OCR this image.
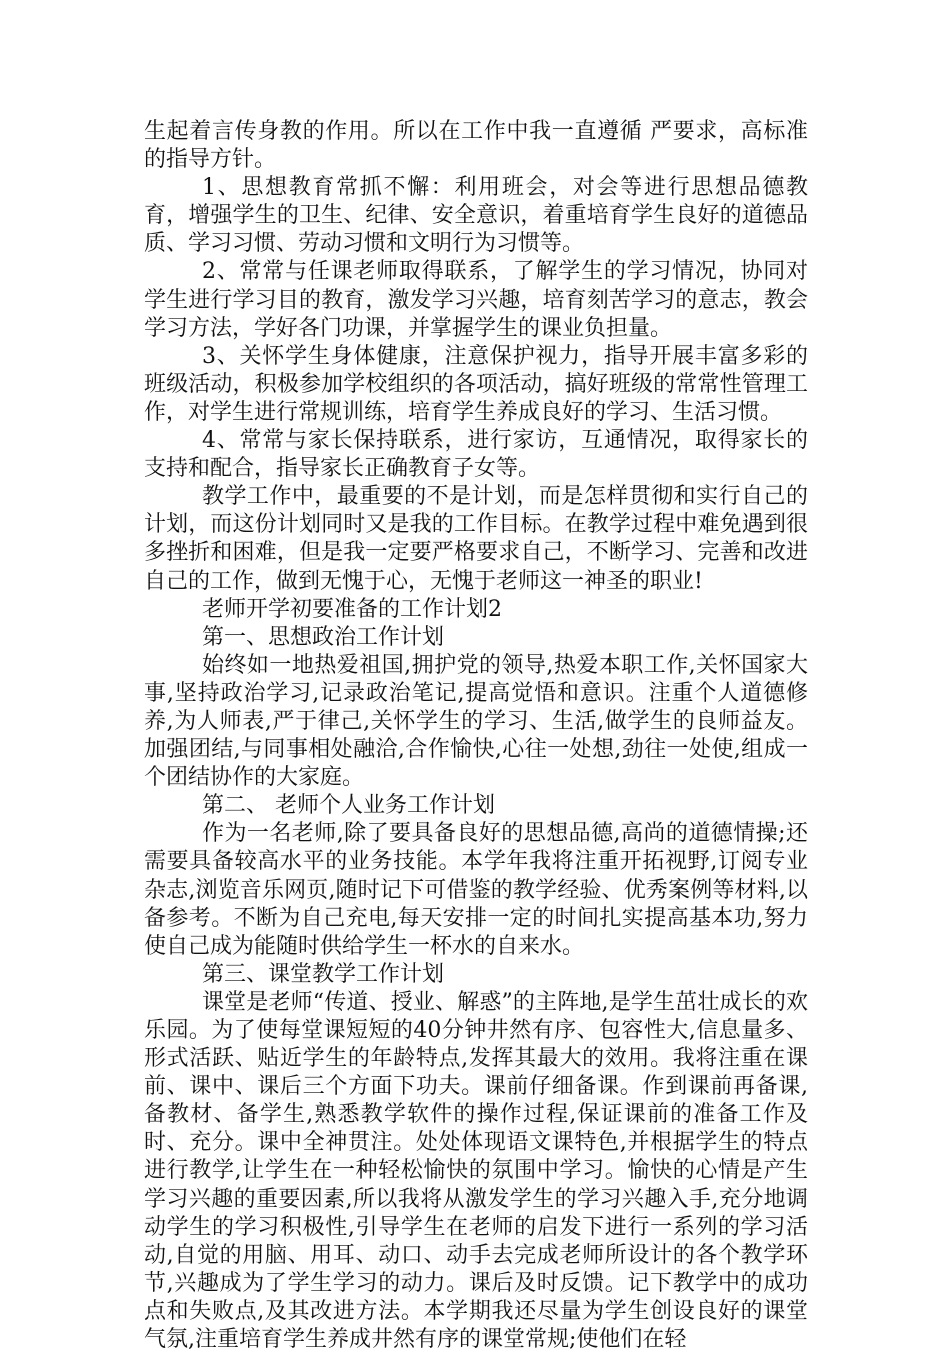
生起着言传身教的作用。所以在工作中我一直遵循 严要求，高标准的指导方针。

1、思想教育常抓不懈：利用班会，对会等进行思想品德教育，增强学生的卫生、纪律、安全意识，着重培育学生良好的道德品质、学习习惯、劳动习惯和文明行为习惯等。

2、常常与任课老师取得联系，了解学生的学习情况，协同对学生进行学习目的教育，激发学习兴趣，培育刻苦学习的意志，教会学习方法，学好各门功课，并掌握学生的课业负担量。

3、关怀学生身体健康，注意保护视力，指导开展丰富多彩的班级活动，积极参加学校组织的各项活动，搞好班级的常常性管理工作，对学生进行常规训练，培育学生养成良好的学习、生活习惯。

4、常常与家长保持联系，进行家访，互通情况，取得家长的支持和配合，指导家长正确教育子女等。

教学工作中，最重要的不是计划，而是怎样贯彻和实行自己的计划，而这份计划同时又是我的工作目标。在教学过程中难免遇到很多挫折和困难，但是我一定要严格要求自己，不断学习、完善和改进自己的工作，做到无愧于心，无愧于老师这一神圣的职业!

老师开学初要准备的工作计划2

第一、思想政治工作计划

始终如一地热爱祖国,拥护党的领导,热爱本职工作,关怀国家大事,坚持政治学习,记录政治笔记,提高觉悟和意识。注重个人道德修养,为人师表,严于律己,关怀学生的学习、生活,做学生的良师益友。加强团结,与同事相处融洽,合作愉快,心往一处想,劲往一处使,组成一个团结协作的大家庭。

第二、 老师个人业务工作计划

作为一名老师,除了要具备良好的思想品德,高尚的道德情操;还需要具备较高水平的业务技能。本学年我将注重开拓视野,订阅专业杂志,浏览音乐网页,随时记下可借鉴的教学经验、优秀案例等材料,以备参考。不断为自己充电,每天安排一定的时间扎实提高基本功,努力使自己成为能随时供给学生一杯水的自来水。

第三、课堂教学工作计划

课堂是老师“传道、授业、解惑”的主阵地,是学生茁壮成长的欢乐园。为了使每堂课短短的40分钟井然有序、包容性大,信息量多、形式活跃、贴近学生的年龄特点,发挥其最大的效用。我将注重在课前、课中、课后三个方面下功夫。课前仔细备课。作到课前再备课,备教材、备学生,熟悉教学软件的操作过程,保证课前的准备工作及时、充分。课中全神贯注。处处体现语文课特色,并根据学生的特点进行教学,让学生在一种轻松愉快的氛围中学习。愉快的心情是产生学习兴趣的重要因素,所以我将从激发学生的学习兴趣入手,充分地调动学生的学习积极性,引导学生在老师的启发下进行一系列的学习活动,自觉的用脑、用耳、动口、动手去完成老师所设计的各个教学环节,兴趣成为了学生学习的动力。课后及时反馈。记下教学中的成功点和失败点,及其改进方法。本学期我还尽量为学生创设良好的课堂气氛,注重培育学生养成井然有序的课堂常规;使他们在轻
